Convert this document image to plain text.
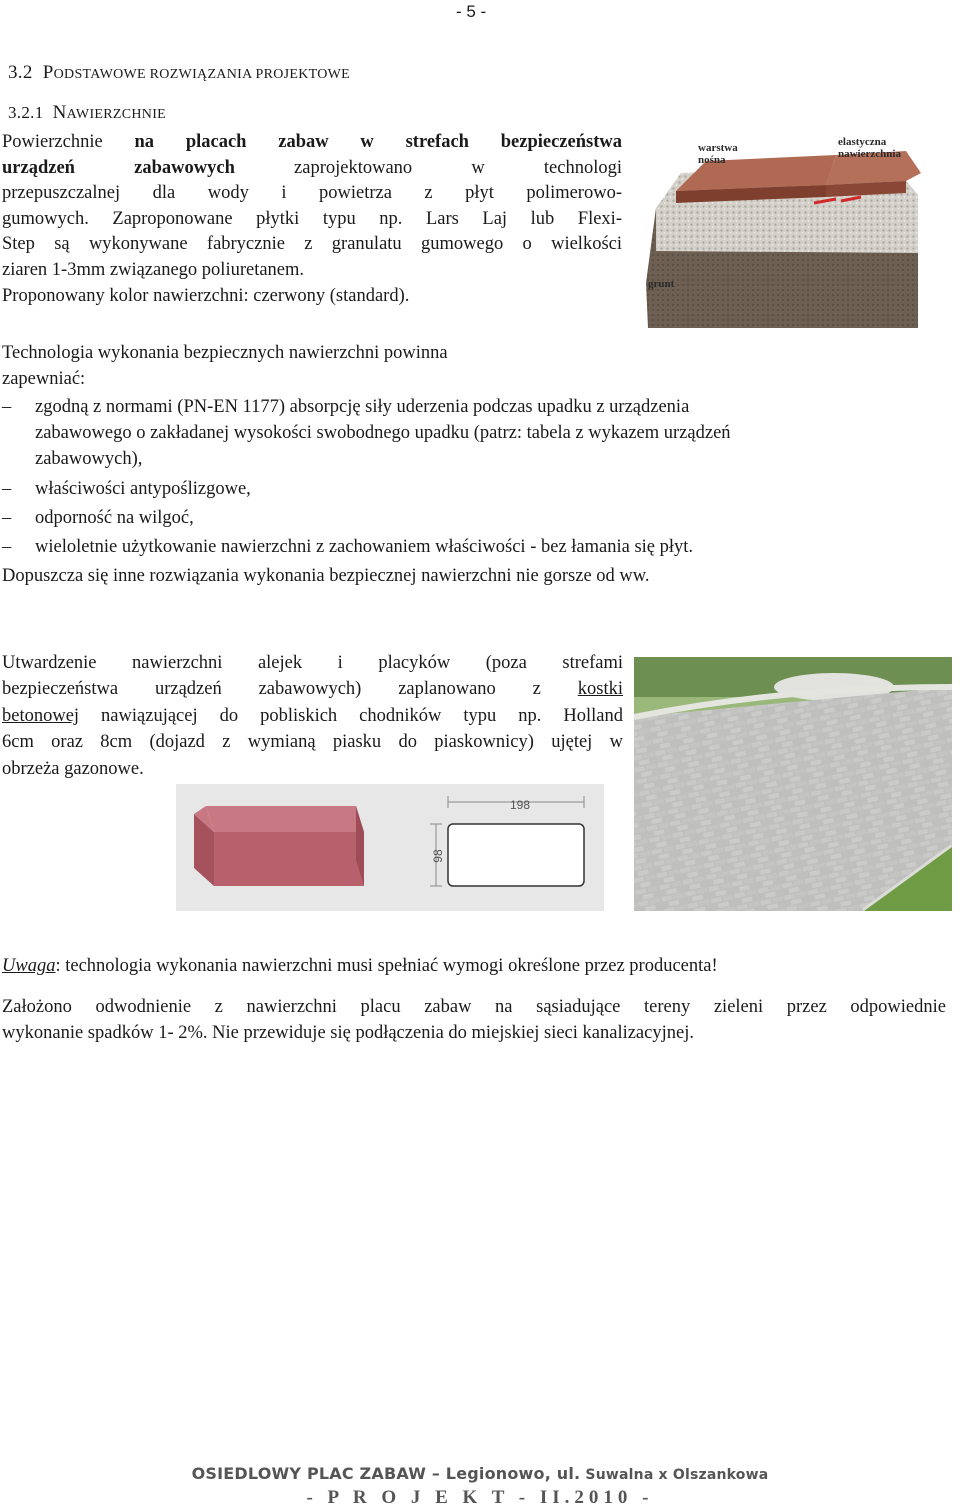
- 5 -
3.2 PODSTAWOWE ROZWIĄZANIA PROJEKTOWE
3.2.1 NAWIERZCHNIE
Powierzchnie na placach zabaw w strefach bezpieczeństwa
urządzeń zabawowych zaprojektowano w technologi
przepuszczalnej dla wody i powietrza z płyt polimerowo-
gumowych. Zaproponowane płytki typu np. Lars Laj lub Flexi-
Step są wykonywane fabrycznie z granulatu gumowego o wielkości
ziaren 1-3mm związanego poliuretanem.
Proponowany kolor nawierzchni: czerwony (standard).
warstwa
nośna
elastyczna
nawierzchnia
grunt
Technologia wykonania bezpiecznych nawierzchni powinna
zapewniać:
– zgodną z normami (PN-EN 1177) absorpcję siły uderzenia podczas upadku z urządzenia
zabawowego o zakładanej wysokości swobodnego upadku (patrz: tabela z wykazem urządzeń
zabawowych),
– właściwości antypoślizgowe,
– odporność na wilgoć,
– wieloletnie użytkowanie nawierzchni z zachowaniem właściwości - bez łamania się płyt.
Dopuszcza się inne rozwiązania wykonania bezpiecznej nawierzchni nie gorsze od ww.
Utwardzenie nawierzchni alejek i placyków (poza strefami
bezpieczeństwa urządzeń zabawowych) zaplanowano z kostki
betonowej nawiązującej do pobliskich chodników typu np. Holland
6cm oraz 8cm (dojazd z wymianą piasku do piaskownicy) ujętej w
obrzeża gazonowe.
198
98
Uwaga: technologia wykonania nawierzchni musi spełniać wymogi określone przez producenta!
Założono odwodnienie z nawierzchni placu zabaw na sąsiadujące tereny zieleni przez odpowiednie
wykonanie spadków 1- 2%. Nie przewiduje się podłączenia do miejskiej sieci kanalizacyjnej.
OSIEDLOWY PLAC ZABAW – Legionowo, ul. Suwalna x Olszankowa
- P R O J E K T - II.2010 -
